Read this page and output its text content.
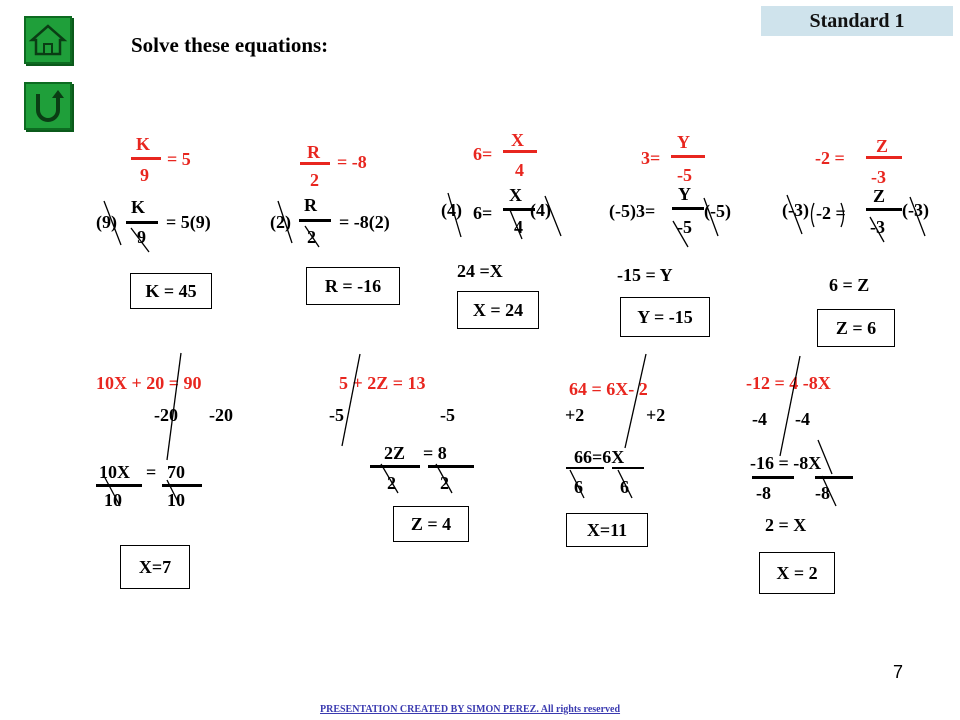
Solve these equations:
Standard 1
K
9
= 5
(9)
K
9
= 5(9)
K = 45
R
2
= -8
(2)
R
2
= -8(2)
R = -16
6=
X
4
(4) 6=
X
4
(4)
24 =X
X = 24
3=
Y
-5
(-5)3=
Y
-5
(-5)
-15 = Y
Y = -15
-2 =
Z
-3
(-3) -2 =
Z
-3
(-3)
6 = Z
Z = 6
10X + 20 = 90
-20 -20
10X = 70
10	10
X=7
5 + 2Z = 13
-5	-5
2Z = 8
2 2
Z = 4
64 = 6X- 2
+2	+2
66=6X
6 6
X=11
-12 = 4 -8X
-4 -4
-16 = -8X
-8 -8
2 = X
X = 2
7
PRESENTATION CREATED BY SIMON PEREZ. All rights reserved
